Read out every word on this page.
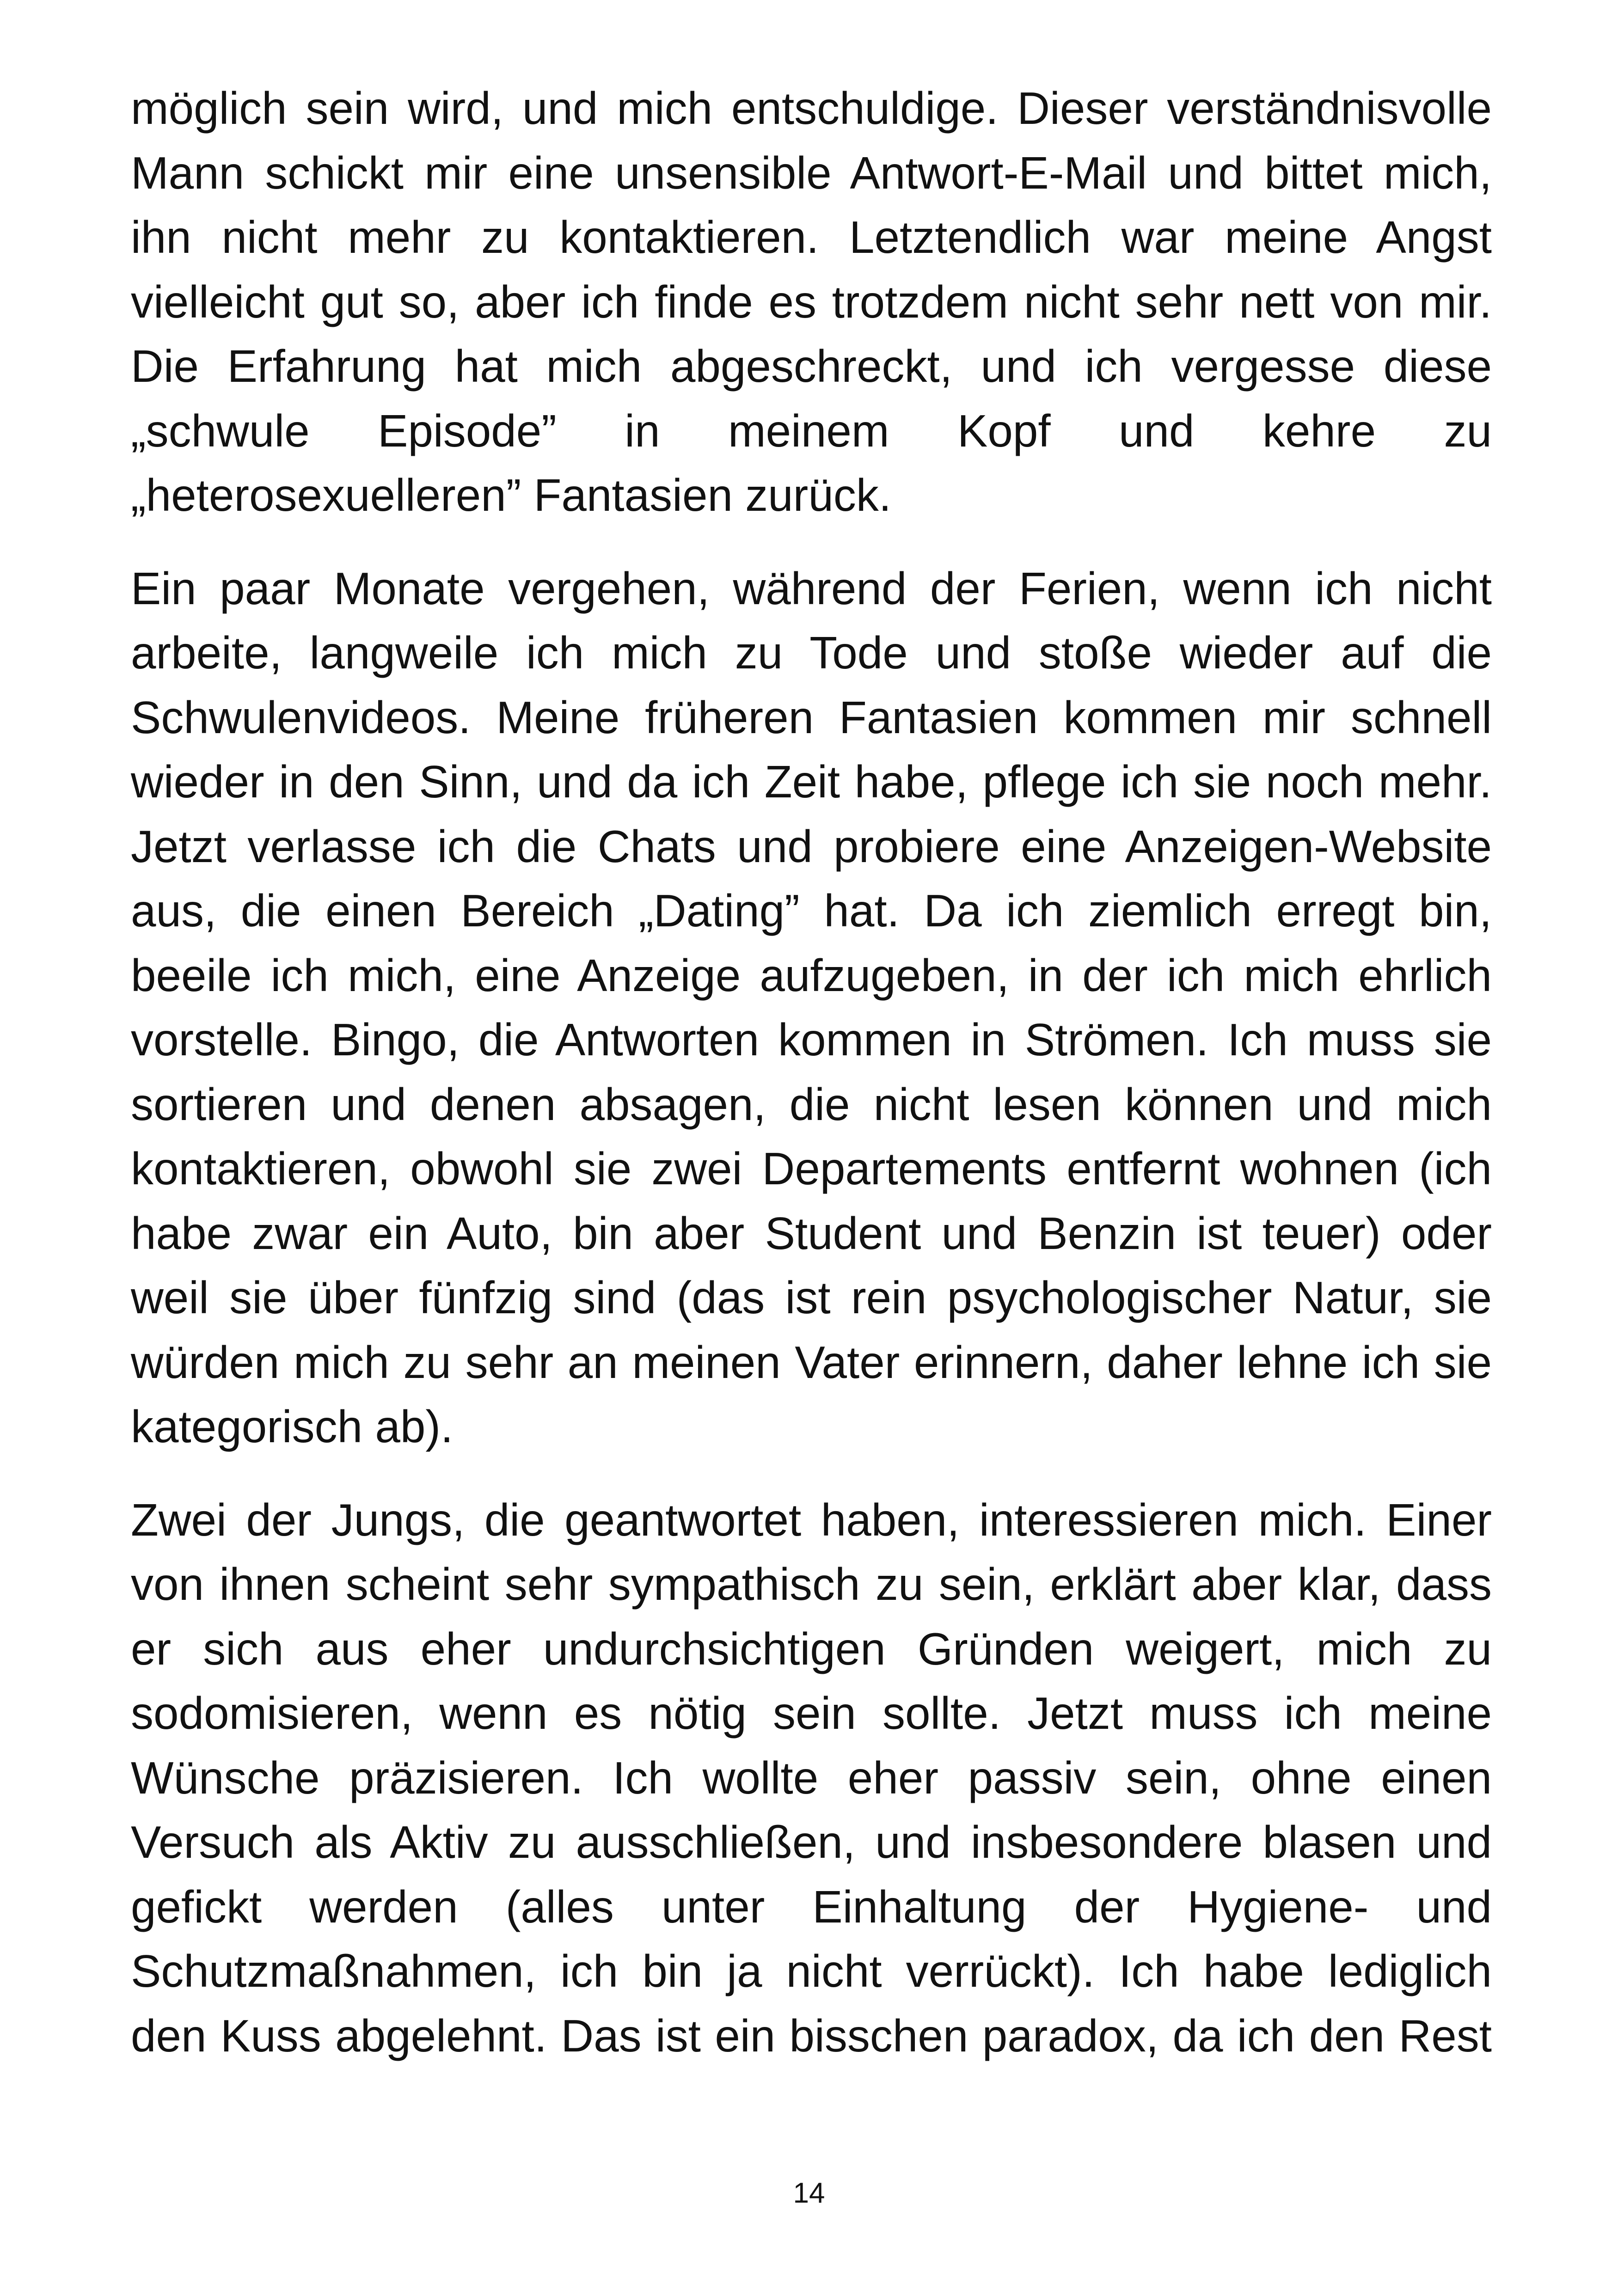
möglich sein wird, und mich entschuldige. Dieser verständnisvolle
Mann schickt mir eine unsensible Antwort-E-Mail und bittet mich,
ihn nicht mehr zu kontaktieren. Letztendlich war meine Angst
vielleicht gut so, aber ich finde es trotzdem nicht sehr nett von mir.
Die Erfahrung hat mich abgeschreckt, und ich vergesse diese
„schwule Episode” in meinem Kopf und kehre zu
„heterosexuelleren” Fantasien zurück.
Ein paar Monate vergehen, während der Ferien, wenn ich nicht
arbeite, langweile ich mich zu Tode und stoße wieder auf die
Schwulenvideos. Meine früheren Fantasien kommen mir schnell
wieder in den Sinn, und da ich Zeit habe, pflege ich sie noch mehr.
Jetzt verlasse ich die Chats und probiere eine Anzeigen-Website
aus, die einen Bereich „Dating” hat. Da ich ziemlich erregt bin,
beeile ich mich, eine Anzeige aufzugeben, in der ich mich ehrlich
vorstelle. Bingo, die Antworten kommen in Strömen. Ich muss sie
sortieren und denen absagen, die nicht lesen können und mich
kontaktieren, obwohl sie zwei Departements entfernt wohnen (ich
habe zwar ein Auto, bin aber Student und Benzin ist teuer) oder
weil sie über fünfzig sind (das ist rein psychologischer Natur, sie
würden mich zu sehr an meinen Vater erinnern, daher lehne ich sie
kategorisch ab).
Zwei der Jungs, die geantwortet haben, interessieren mich. Einer
von ihnen scheint sehr sympathisch zu sein, erklärt aber klar, dass
er sich aus eher undurchsichtigen Gründen weigert, mich zu
sodomisieren, wenn es nötig sein sollte. Jetzt muss ich meine
Wünsche präzisieren. Ich wollte eher passiv sein, ohne einen
Versuch als Aktiv zu ausschließen, und insbesondere blasen und
gefickt werden (alles unter Einhaltung der Hygiene- und
Schutzmaßnahmen, ich bin ja nicht verrückt). Ich habe lediglich
den Kuss abgelehnt. Das ist ein bisschen paradox, da ich den Rest
14
